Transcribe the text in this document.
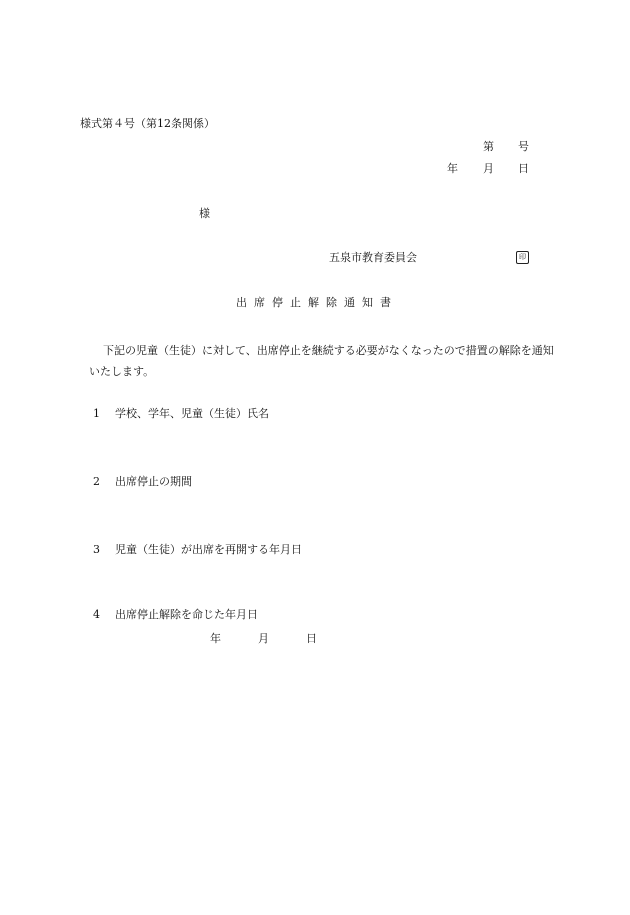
様式第４号（第12条関係）
第 号
年 月 日
様
五泉市教育委員会	印
出席停止解除通知書
下記の児童（生徒）に対して、出席停止を継続する必要がなくなったので措置の解除を通知いたします。
1 学校、学年、児童（生徒）氏名
2 出席停止の期間
3 児童（生徒）が出席を再開する年月日
4 出席停止解除を命じた年月日
年	月	日
